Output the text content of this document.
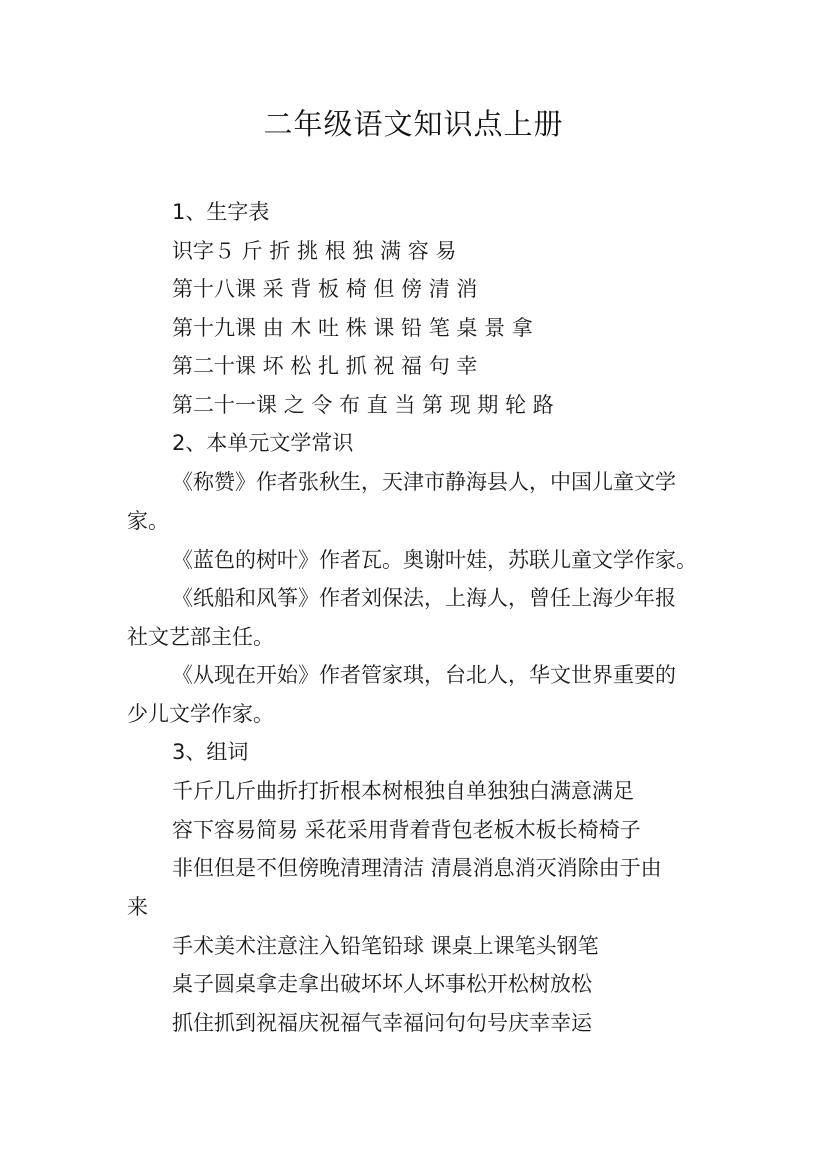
二年级语文知识点上册
1、生字表
识字５ 斤 折 挑 根 独 满 容 易
第十八课 采 背 板 椅 但 傍 清 消
第十九课 由 木 吐 株 课 铅 笔 桌 景 拿
第二十课 坏 松 扎 抓 祝 福 句 幸
第二十一课 之 令 布 直 当 第 现 期 轮 路
2、本单元文学常识
《称赞》作者张秋生，天津市静海县人，中国儿童文学
家。
《蓝色的树叶》作者瓦。奥谢叶娃，苏联儿童文学作家。
《纸船和风筝》作者刘保法，上海人，曾任上海少年报
社文艺部主任。
《从现在开始》作者管家琪，台北人，华文世界重要的
少儿文学作家。
3、组词
千斤几斤曲折打折根本树根独自单独独白满意满足
容下容易简易 采花采用背着背包老板木板长椅椅子
非但但是不但傍晚清理清洁 清晨消息消灭消除由于由
来
手术美术注意注入铅笔铅球 课桌上课笔头钢笔
桌子圆桌拿走拿出破坏坏人坏事松开松树放松
抓住抓到祝福庆祝福气幸福问句句号庆幸幸运
